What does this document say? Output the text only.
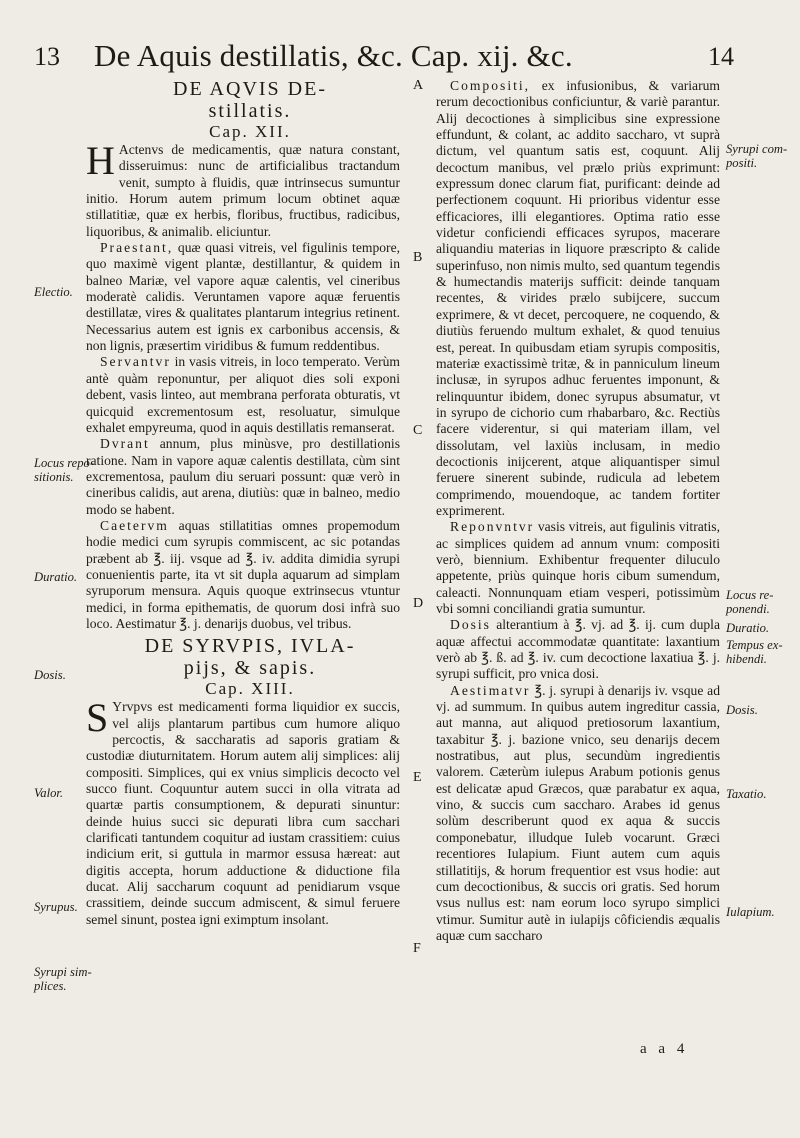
13 De Aquis destillatis, &c. Cap. xij. &c.	14

DE AQVIS DE-

stillatis.

Cap. XII.

H Actenvs de medicamentis, quæ natura constant, disseruimus: nunc de artificialibus tractandum venit, sumpto à fluidis, quæ intrinsecus sumuntur initio. Horum autem primum locum obtinet aquæ stillatitiæ, quæ ex herbis, floribus, fructibus, radicibus, liquoribus, & animalib. eliciuntur.

Praestant, quæ quasi vitreis, vel figulinis tempore, quo maximè vigent plantæ, destillantur, & quidem in balneo Mariæ, vel vapore aquæ calentis, vel cineribus moderatè calidis. Veruntamen vapore aquæ feruentis destillatæ, vires & qualitates plantarum integrius retinent. Necessarius autem est ignis ex carbonibus accensis, & non lignis, præsertim viridibus & fumum reddentibus.

Servantvr in vasis vitreis, in loco temperato. Verùm antè quàm reponuntur, per aliquot dies soli exponi debent, vasis linteo, aut membrana perforata obturatis, vt quicquid excrementosum est, resoluatur, simulque exhalet empyreuma, quod in aquis destillatis remanserat.

Dvrant annum, plus minùsve, pro destillationis ratione. Nam in vapore aquæ calentis destillata, cùm sint excrementosa, paulum diu seruari possunt: quæ verò in cineribus calidis, aut arena, diutiùs: quæ in balneo, medio modo se habent.

Caetervm aquas stillatitias omnes propemodum hodie medici cum syrupis commiscent, ac sic potandas præbent ab ℥. iij. vsque ad ℥. iv. addita dimidia syrupi conuenientis parte, ita vt sit dupla aquarum ad simplam syruporum mensura. Aquis quoque extrinsecus vtuntur medici, in forma epithematis, de quorum dosi infrà suo loco. Aestimatur ℥. j. denarijs duobus, vel tribus.

DE SYRVPIS, IVLA-

pijs, & sapis.

Cap. XIII.

S Yrvpvs est medicamenti forma liquidior ex succis, vel alijs plantarum partibus cum humore aliquo percoctis, & saccharatis ad saporis gratiam & custodiæ diuturnitatem. Horum autem alij simplices: alij compositi. Simplices, qui ex vnius simplicis decocto vel succo fiunt. Coquuntur autem succi in olla vitrata ad quartæ partis consumptionem, & depurati sinuntur: deinde huius succi sic depurati libra cum sacchari clarificati tantundem coquitur ad iustam crassitiem: cuius indicium erit, si guttula in marmor essusa hæreat: aut digitis accepta, horum adductione & diductione fila ducat. Alij saccharum coquunt ad penidiarum vsque crassitiem, deinde succum admiscent, & simul feruere semel sinunt, postea igni eximptum insolant.

Compositi, ex infusionibus, & variarum rerum decoctionibus conficiuntur, & variè parantur. Alij decoctiones à simplicibus sine expressione effundunt, & colant, ac addito saccharo, vt suprà dictum, vel quantum satis est, coquunt. Alij decoctum manibus, vel prælo priùs exprimunt: expressum donec clarum fiat, purificant: deinde ad perfectionem coquunt. Hi prioribus videntur esse efficaciores, illi elegantiores. Optima ratio esse videtur conficiendi efficaces syrupos, macerare aliquandiu materias in liquore præscripto & calide superinfuso, non nimis multo, sed quantum tegendis & humectandis materijs sufficit: deinde tanquam recentes, & virides prælo subijcere, succum exprimere, & vt decet, percoquere, ne coquendo, & diutiùs feruendo multum exhalet, & quod tenuius est, pereat. In quibusdam etiam syrupis compositis, materiæ exactissimè tritæ, & in panniculum lineum inclusæ, in syrupos adhuc feruentes imponunt, & relinquuntur ibidem, donec syrupus absumatur, vt in syrupo de cichorio cum rhabarbaro, &c. Rectiùs facere viderentur, si qui materiam illam, vel dissolutam, vel laxiùs inclusam, in medio decoctionis inijcerent, atque aliquantisper simul feruere sinerent subinde, rudicula ad lebetem comprimendo, mouendoque, ac tandem fortiter exprimerent.

Reponvntvr vasis vitreis, aut figulinis vitratis, ac simplices quidem ad annum vnum: compositi verò, biennium. Exhibentur frequenter diluculo appetente, priùs quinque horis cibum sumendum, caleacti. Nonnunquam etiam vesperi, potissimùm vbi somni conciliandi gratia sumuntur.

Dosis alterantium à ℥. vj. ad ℥. ij. cum dupla aquæ affectui accommodatæ quantitate: laxantium verò ab ℥. ß. ad ℥. iv. cum decoctione laxatiua ℥. j. syrupi sufficit, pro vnica dosi.

Aestimatvr ℥. j. syrupi à denarijs iv. vsque ad vj. ad summum. In quibus autem ingreditur cassia, aut manna, aut aliquod pretiosorum laxantium, taxabitur ℥. j. bazione vnico, seu denarijs decem nostratibus, aut plus, secundùm ingredientis valorem. Cæterùm iulepus Arabum potionis genus est delicatæ apud Græcos, quæ parabatur ex aqua, vino, & succis cum saccharo. Arabes id genus solùm describerunt quod ex aqua & succis componebatur, illudque Iuleb vocarunt. Græci recentiores Iulapium. Fiunt autem cum aquis stillatitijs, & horum frequentior est vsus hodie: aut cum decoctionibus, & succis ori gratis. Sed horum vsus nullus est: nam eorum loco syrupo simplici vtimur. Sumitur autè in iulapijs côficiendis æqualis aquæ cum saccharo

Electio.
Locus repo-
sitionis.
Duratio.
Dosis.
Valor.
Syrupus.
Syrupi sim-
plices.
Syrupi com-
positi.
Locus re-
ponendi.
Duratio.
Tempus ex-
hibendi.
Dosis.
Taxatio.
Iulapium.
A
B
C
D
E
F
a a 4
